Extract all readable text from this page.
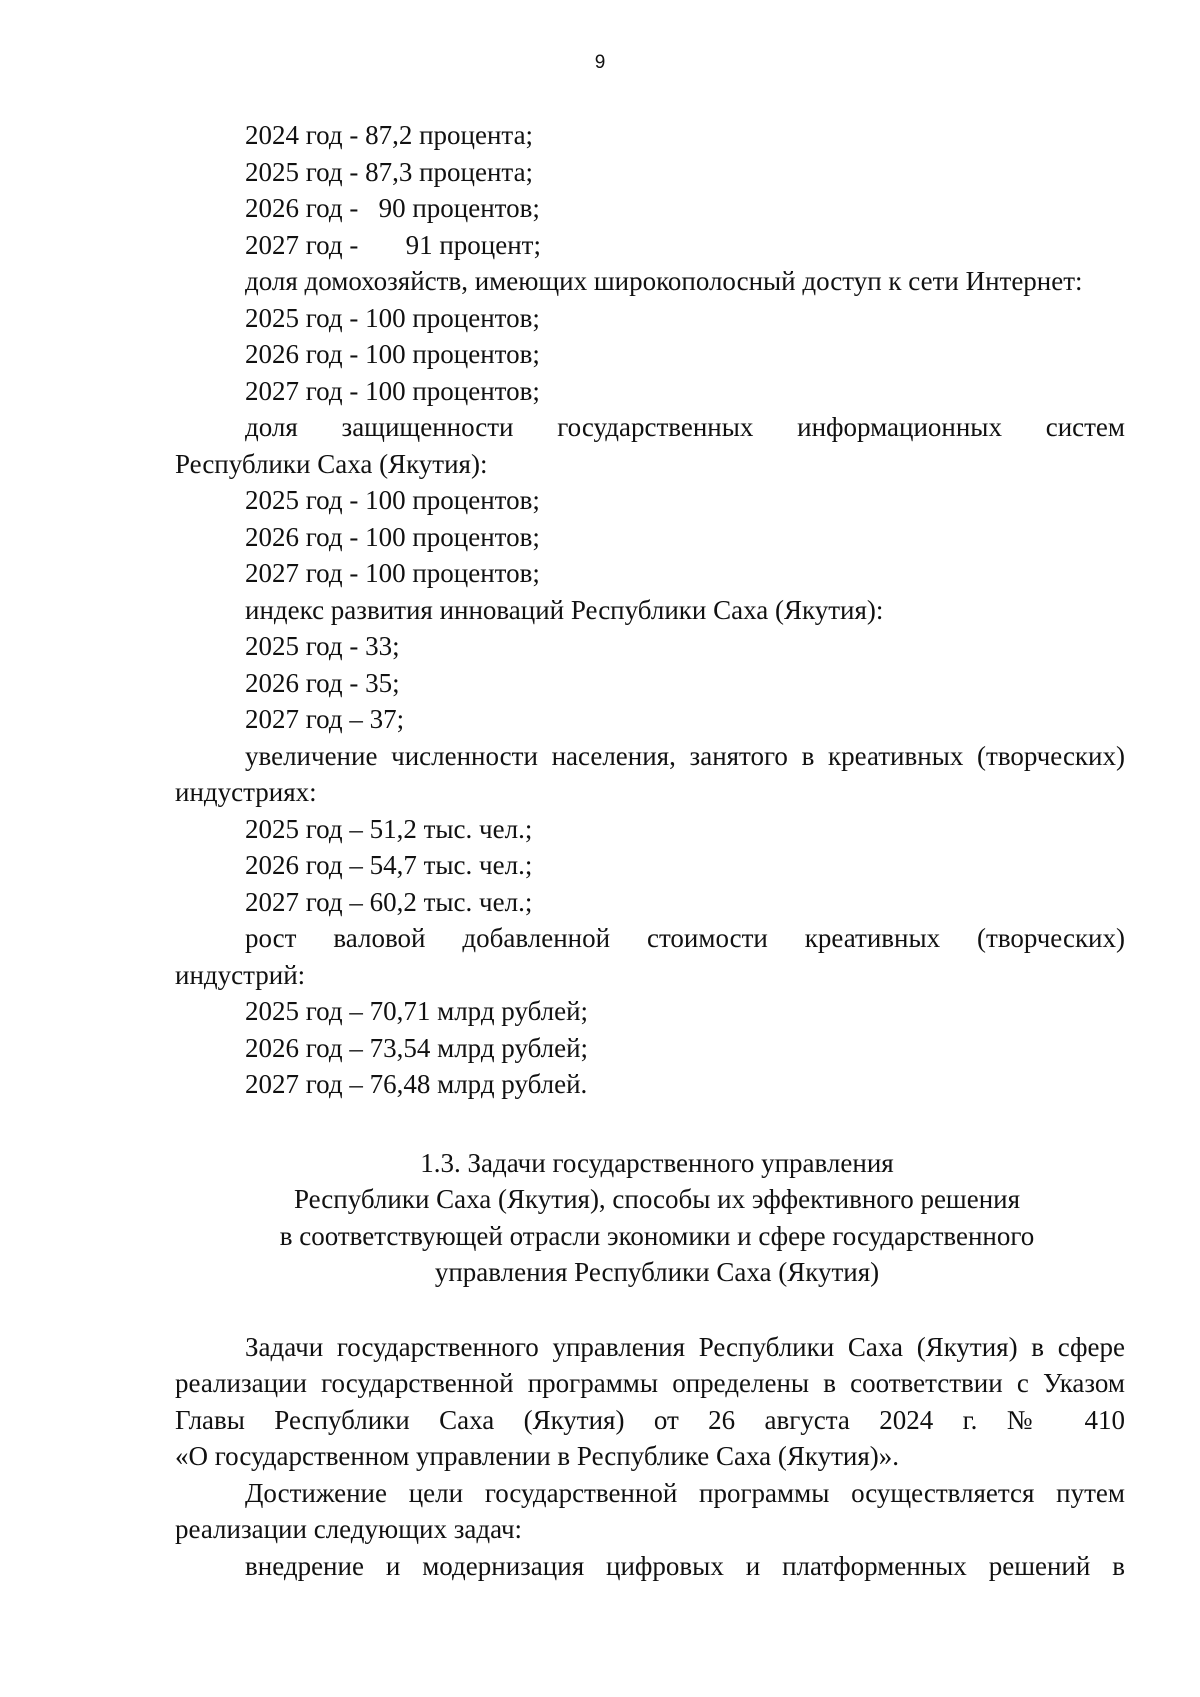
9
2024 год - 87,2 процента;
2025 год - 87,3 процента;
2026 год -   90 процентов;
2027 год -       91 процент;
доля домохозяйств, имеющих широкополосный доступ к сети Интернет:
2025 год - 100 процентов;
2026 год - 100 процентов;
2027 год - 100 процентов;
доля защищенности государственных информационных систем
Республики Саха (Якутия):
2025 год - 100 процентов;
2026 год - 100 процентов;
2027 год - 100 процентов;
индекс развития инноваций Республики Саха (Якутия):
2025 год - 33;
2026 год - 35;
2027 год – 37;
увеличение численности населения, занятого в креативных (творческих)
индустриях:
2025 год – 51,2 тыс. чел.;
2026 год – 54,7 тыс. чел.;
2027 год – 60,2 тыс. чел.;
рост валовой добавленной стоимости креативных (творческих)
индустрий:
2025 год – 70,71 млрд рублей;
2026 год – 73,54 млрд рублей;
2027 год – 76,48 млрд рублей.
1.3. Задачи государственного управления
Республики Саха (Якутия), способы их эффективного решения
в соответствующей отрасли экономики и сфере государственного
управления Республики Саха (Якутия)
Задачи государственного управления Республики Саха (Якутия) в сфере
реализации государственной программы определены в соответствии с Указом
Главы Республики Саха (Якутия) от 26 августа 2024 г. № 410
«О государственном управлении в Республике Саха (Якутия)».
Достижение цели государственной программы осуществляется путем
реализации следующих задач:
внедрение и модернизация цифровых и платформенных решений в
